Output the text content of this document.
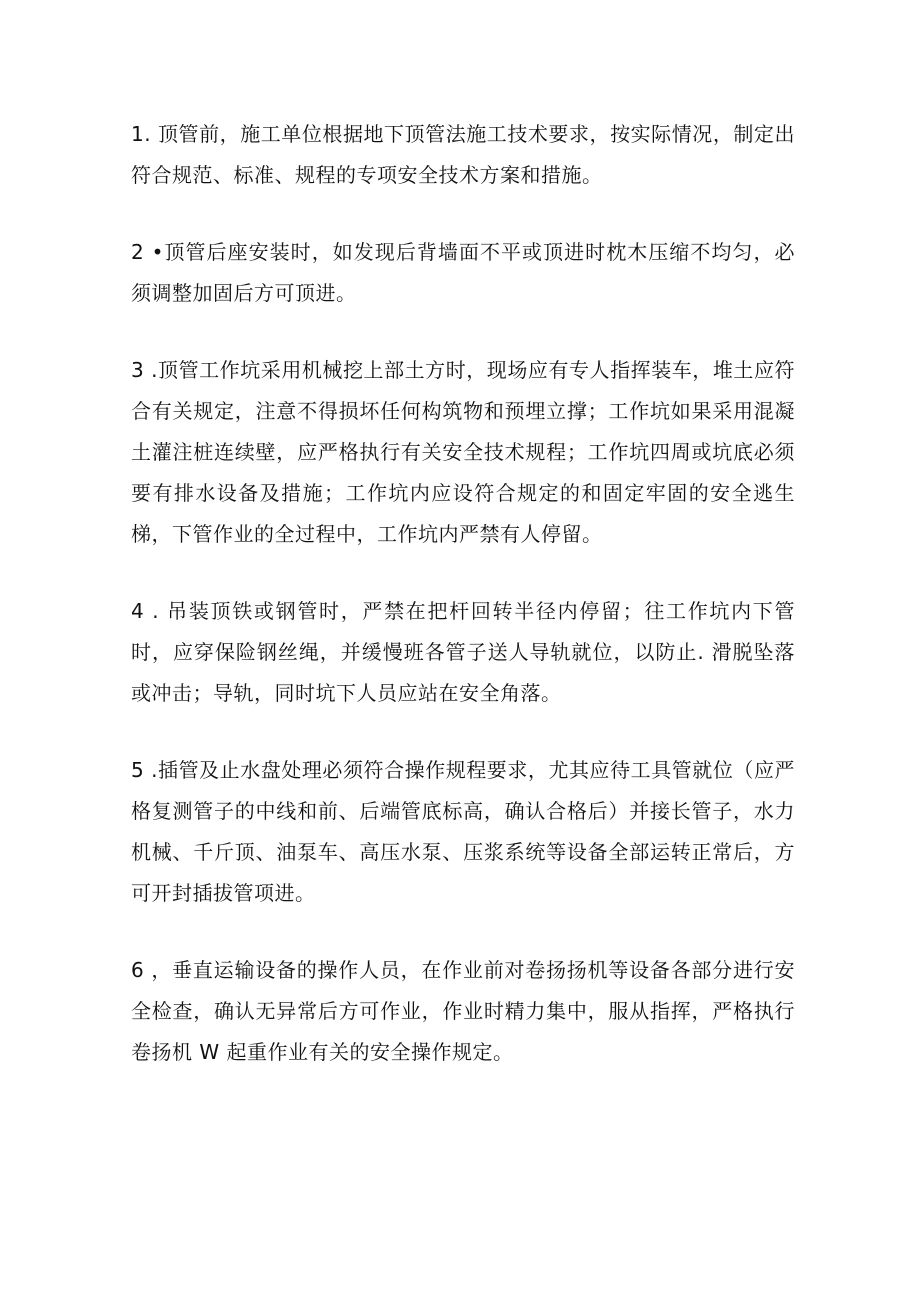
1. 顶管前，施工单位根据地下顶管法施工技术要求，按实际情况，制定出符合规范、标准、规程的专项安全技术方案和措施。

2 •顶管后座安装时，如发现后背墙面不平或顶进时枕木压缩不均匀，必须调整加固后方可顶进。

3 .顶管工作坑采用机械挖上部土方时，现场应有专人指挥装车，堆土应符合有关规定，注意不得损坏任何构筑物和预埋立撑；工作坑如果采用混凝土灌注桩连续壁，应严格执行有关安全技术规程；工作坑四周或坑底必须要有排水设备及措施；工作坑内应设符合规定的和固定牢固的安全逃生梯，下管作业的全过程中，工作坑内严禁有人停留。

4 . 吊装顶铁或钢管时，严禁在把杆回转半径内停留；往工作坑内下管时，应穿保险钢丝绳，并缓慢班各管子送人导轨就位，以防止. 滑脱坠落或冲击；导轨，同时坑下人员应站在安全角落。

5 .插管及止水盘处理必须符合操作规程要求，尤其应待工具管就位（应严格复测管子的中线和前、后端管底标高，确认合格后）并接长管子，水力机械、千斤顶、油泵车、高压水泵、压浆系统等设备全部运转正常后，方可开封插拔管项进。

6 ，垂直运输设备的操作人员，在作业前对卷扬扬机等设备各部分进行安全检查，确认无异常后方可作业，作业时精力集中，服从指挥，严格执行卷扬机 W 起重作业有关的安全操作规定。
